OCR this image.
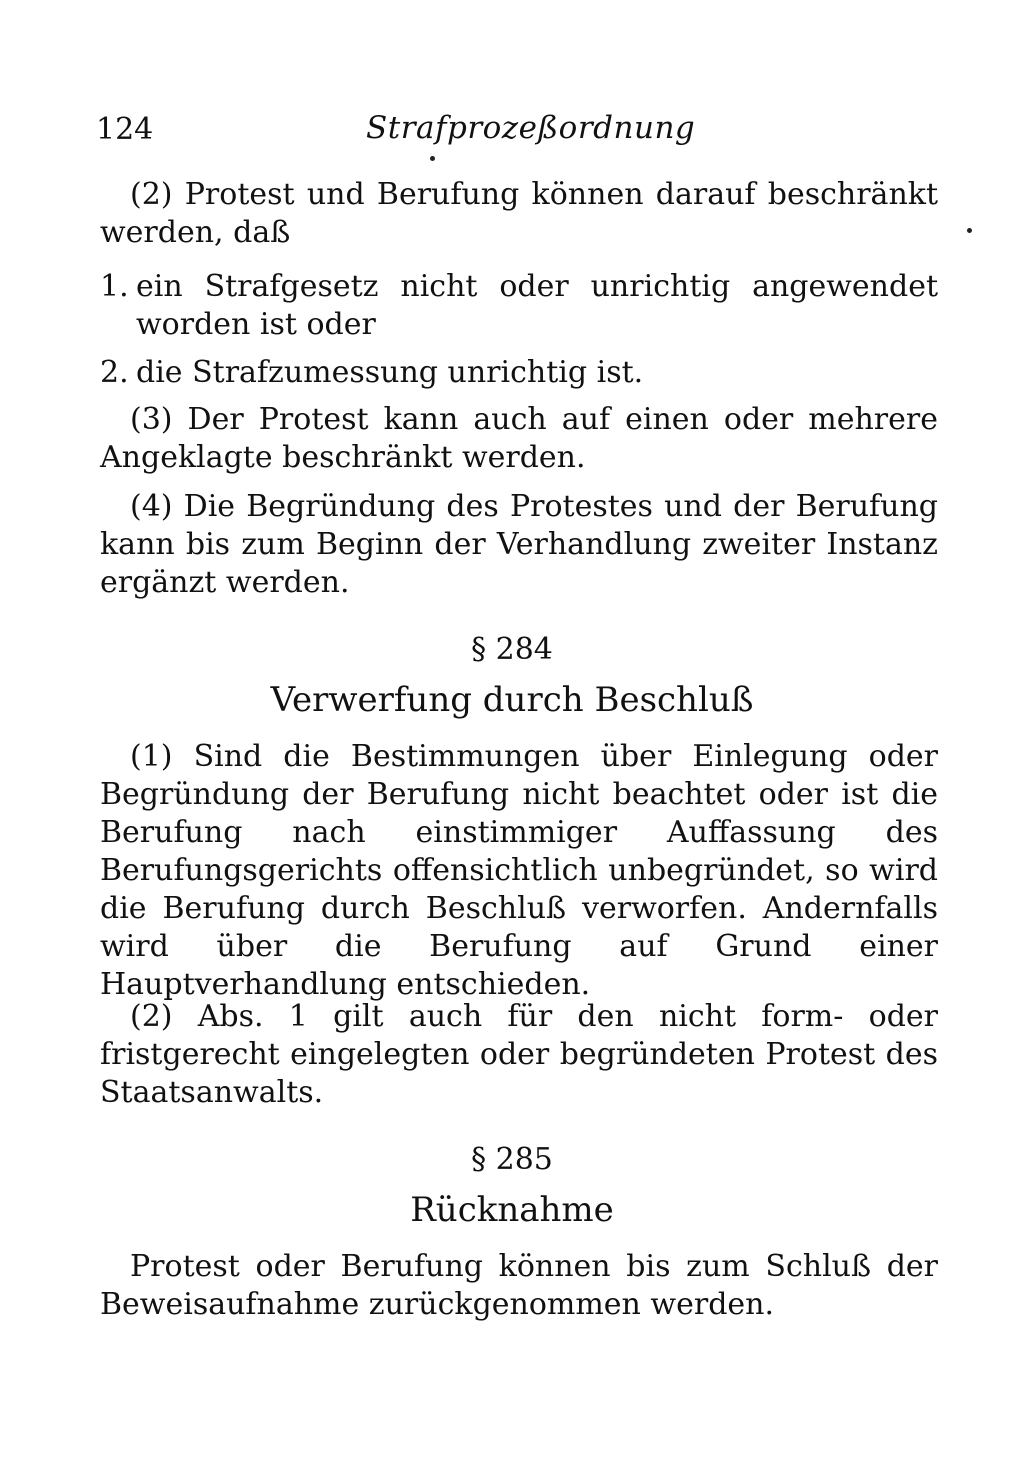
124	Strafprozeßordnung
(2) Protest und Berufung können darauf beschränkt werden, daß
1. ein Strafgesetz nicht oder unrichtig angewendet worden ist oder
2. die Strafzumessung unrichtig ist.
(3) Der Protest kann auch auf einen oder mehrere Angeklagte beschränkt werden.
(4) Die Begründung des Protestes und der Berufung kann bis zum Beginn der Verhandlung zweiter Instanz ergänzt werden.
§ 284
Verwerfung durch Beschluß
(1) Sind die Bestimmungen über Einlegung oder Begründung der Berufung nicht beachtet oder ist die Berufung nach einstimmiger Auffassung des Berufungsgerichts offensichtlich unbegründet, so wird die Berufung durch Beschluß verworfen. Andernfalls wird über die Berufung auf Grund einer Hauptverhandlung entschieden.
(2) Abs. 1 gilt auch für den nicht form- oder fristgerecht eingelegten oder begründeten Protest des Staatsanwalts.
§ 285
Rücknahme
Protest oder Berufung können bis zum Schluß der Beweisaufnahme zurückgenommen werden.
